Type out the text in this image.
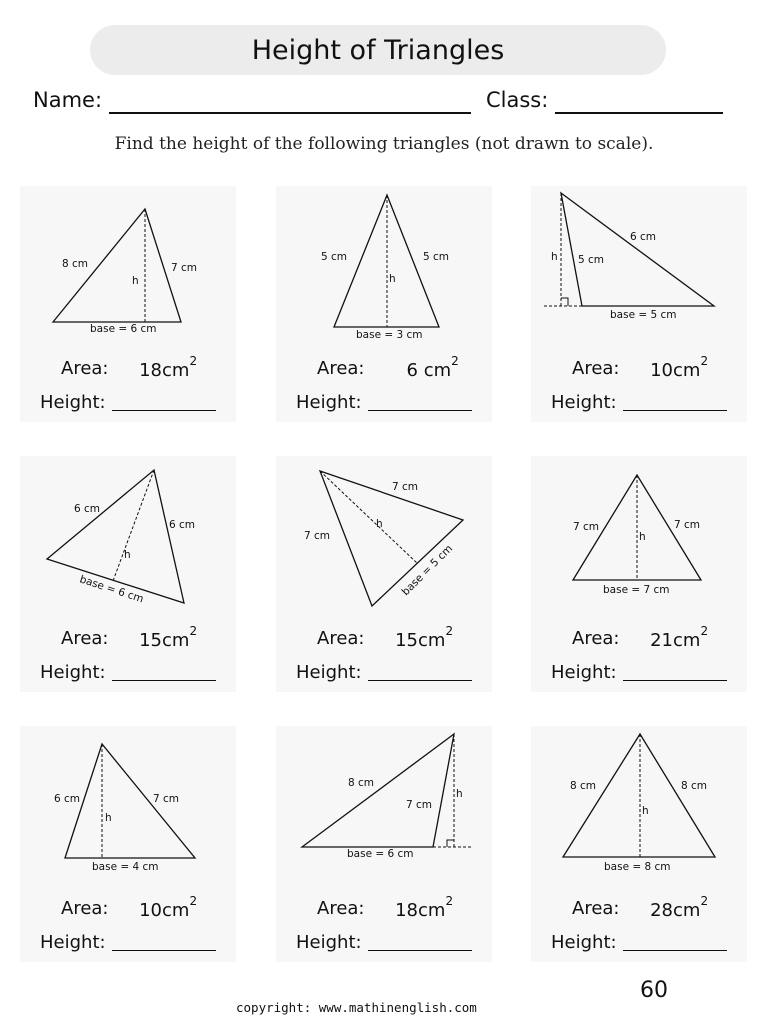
Height of Triangles
Name:	Class:
Find the height of the following triangles (not drawn to scale).
8 cm	7 cm
h
base = 6 cm
Area: $18cm^2$
Height:
5 cm	5 cm
h
base = 3 cm
Area:	6 $cm^2$
Height:
6 cm
5 cm
h
base = 5 cm
Area: $10cm^2$
Height:
6 cm
6 cm
h
base = 6 cm
Area: $15cm^2$
Height:
7 cm
7 cm
h
base = 5 cm
Area: $15cm^2$
Height:
7 cm	7 cm
h
base = 7 cm
Area: $21cm^2$
Height:
6 cm	7 cm
h
base = 4 cm
Area: $10cm^2$
Height:
8 cm
7 cm
h
base = 6 cm
Area: $18cm^2$
Height:
8 cm	8 cm
h
base = 8 cm
Area: $28cm^2$
Height:
60
copyright: www.mathinenglish.com
